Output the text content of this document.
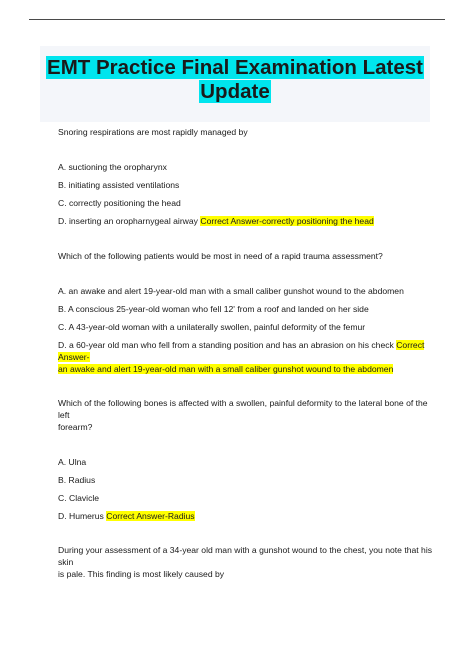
EMT Practice Final Examination Latest
Update

Snoring respirations are most rapidly managed by

A. suctioning the oropharynx

B. initiating assisted ventilations

C. correctly positioning the head

D. inserting an oropharnygeal airway Correct Answer-correctly positioning the head

Which of the following patients would be most in need of a rapid trauma assessment?

A. an awake and alert 19-year-old man with a small caliber gunshot wound to the abdomen

B. A conscious 25-year-old woman who fell 12' from a roof and landed on her side

C. A 43-year-old woman with a unilaterally swollen, painful deformity of the femur

D. a 60-year old man who fell from a standing position and has an abrasion on his check Correct Answer-
an awake and alert 19-year-old man with a small caliber gunshot wound to the abdomen

Which of the following bones is affected with a swollen, painful deformity to the lateral bone of the left

forearm?

A. Ulna

B. Radius

C. Clavicle

D. Humerus Correct Answer-Radius

During your assessment of a 34-year old man with a gunshot wound to the chest, you note that his skin

is pale. This finding is most likely caused by
